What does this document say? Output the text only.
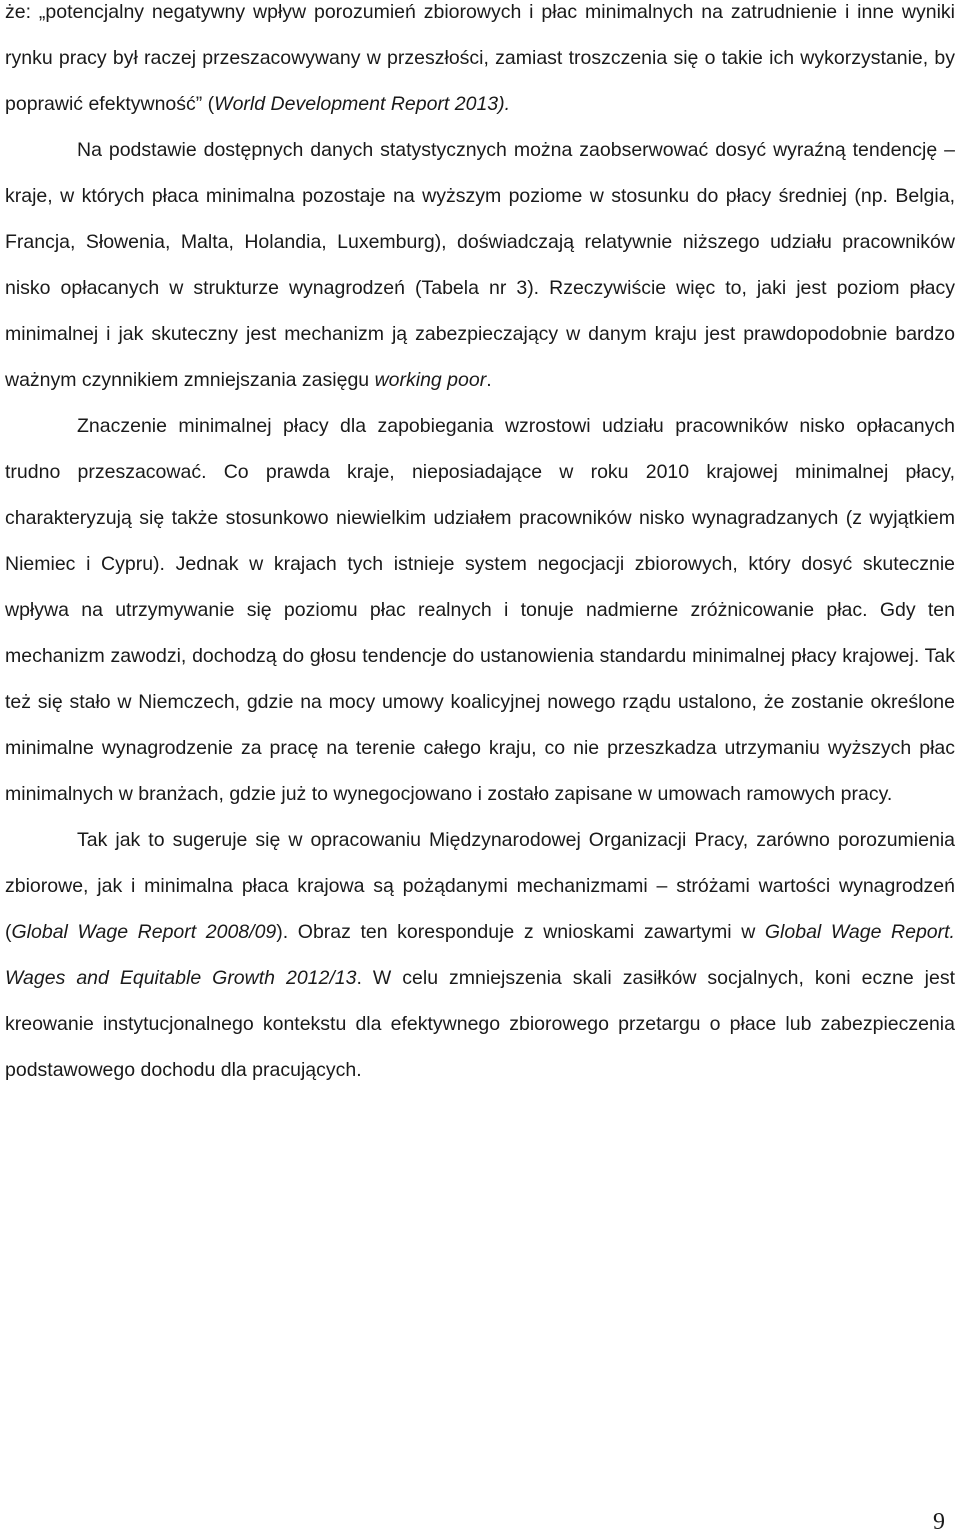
że: „potencjalny negatywny wpływ porozumień zbiorowych i płac minimalnych na zatrudnienie i inne wyniki rynku pracy był raczej przeszacowywany w przeszłości, zamiast troszczenia się o takie ich wykorzystanie, by poprawić efektywność” (World Development Report 2013).

Na podstawie dostępnych danych statystycznych można zaobserwować dosyć wyraźną tendencję – kraje, w których płaca minimalna pozostaje na wyższym poziome w stosunku do płacy średniej (np. Belgia, Francja, Słowenia, Malta, Holandia, Luxemburg), doświadczają relatywnie niższego udziału pracowników nisko opłacanych w strukturze wynagrodzeń (Tabela nr 3). Rzeczywiście więc to, jaki jest poziom płacy minimalnej i jak skuteczny jest mechanizm ją zabezpieczający w danym kraju jest prawdopodobnie bardzo ważnym czynnikiem zmniejszania zasięgu working poor.

Znaczenie minimalnej płacy dla zapobiegania wzrostowi udziału pracowników nisko opłacanych trudno przeszacować. Co prawda kraje, nieposiadające w roku 2010 krajowej minimalnej płacy, charakteryzują się także stosunkowo niewielkim udziałem pracowników nisko wynagradzanych (z wyjątkiem Niemiec i Cypru). Jednak w krajach tych istnieje system negocjacji zbiorowych, który dosyć skutecznie wpływa na utrzymywanie się poziomu płac realnych i tonuje nadmierne zróżnicowanie płac. Gdy ten mechanizm zawodzi, dochodzą do głosu tendencje do ustanowienia standardu minimalnej płacy krajowej. Tak też się stało w Niemczech, gdzie na mocy umowy koalicyjnej nowego rządu ustalono, że zostanie określone minimalne wynagrodzenie za pracę na terenie całego kraju, co nie przeszkadza utrzymaniu wyższych płac minimalnych w branżach, gdzie już to wynegocjowano i zostało zapisane w umowach ramowych pracy.

Tak jak to sugeruje się w opracowaniu Międzynarodowej Organizacji Pracy, zarówno porozumienia zbiorowe, jak i minimalna płaca krajowa są pożądanymi mechanizmami – stróżami wartości wynagrodzeń (Global Wage Report 2008/09). Obraz ten koresponduje z wnioskami zawartymi w Global Wage Report. Wages and Equitable Growth 2012/13. W celu zmniejszenia skali zasiłków socjalnych, koni eczne jest kreowanie instytucjonalnego kontekstu dla efektywnego zbiorowego przetargu o płace lub zabezpieczenia podstawowego dochodu dla pracujących.

9
